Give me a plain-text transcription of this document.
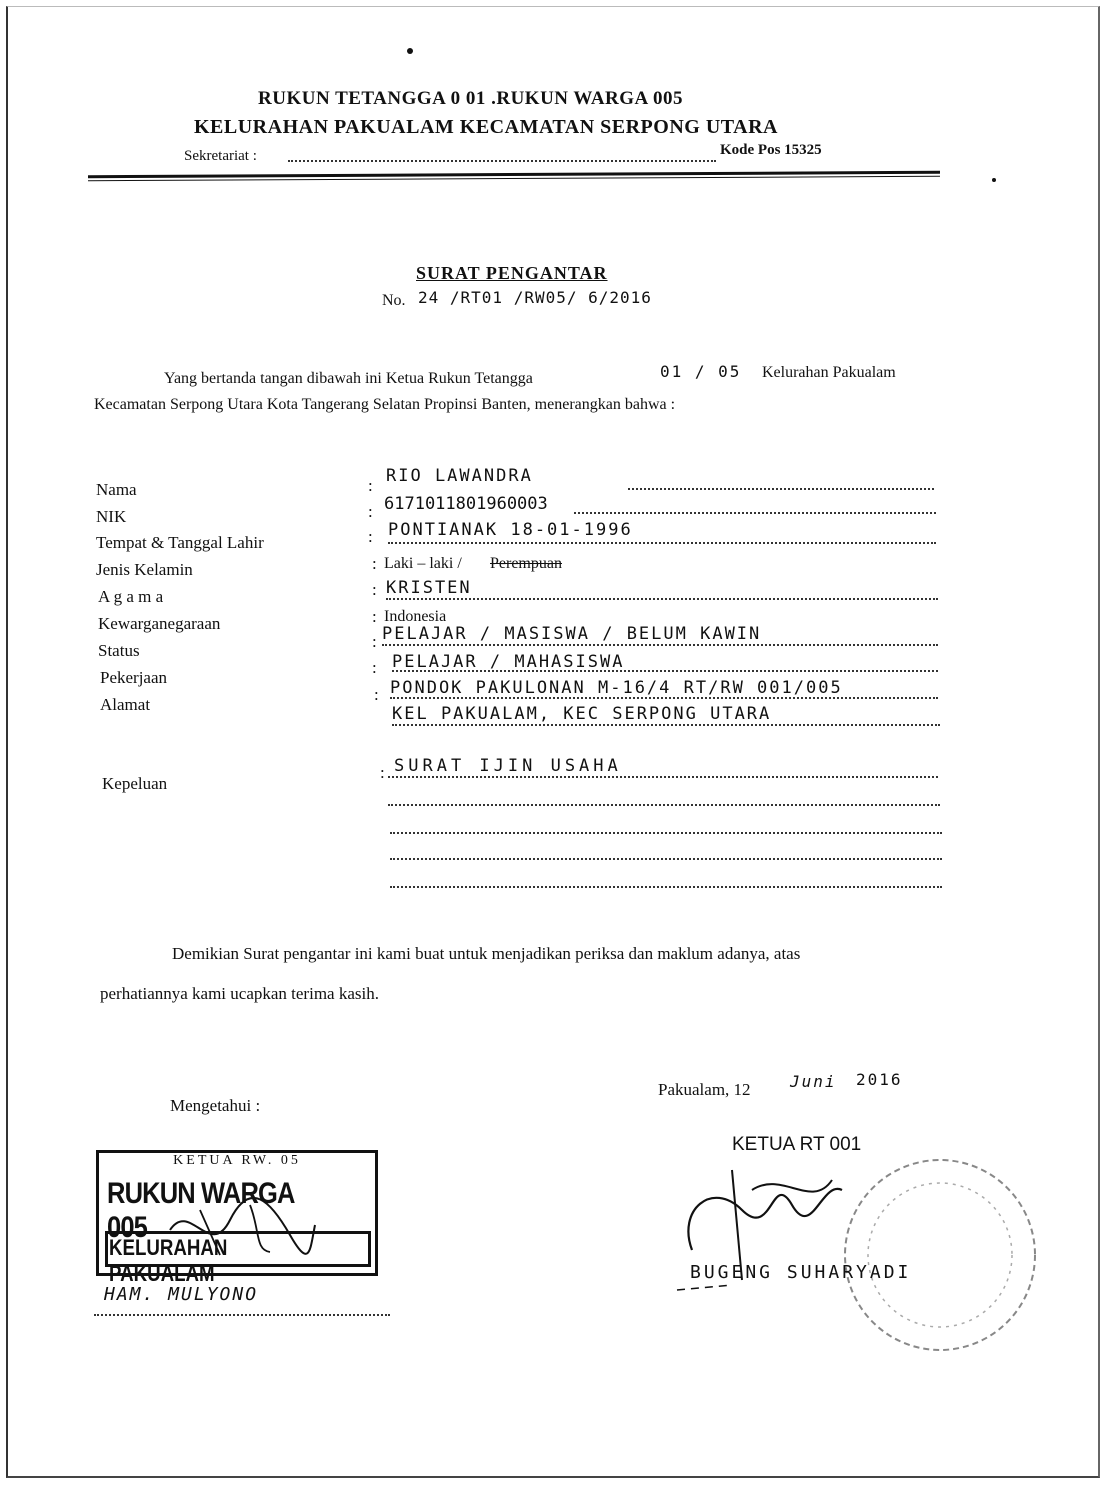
RUKUN TETANGGA 0 01 .RUKUN WARGA 005
KELURAHAN PAKUALAM KECAMATAN SERPONG UTARA
Sekretariat :	Kode Pos 15325
SURAT PENGANTAR
No. 24 /RT01 /RW05/ 6/2016
Yang bertanda tangan dibawah ini Ketua Rukun Tetangga	01 / 05 Kelurahan Pakualam
Kecamatan Serpong Utara Kota Tangerang Selatan Propinsi Banten, menerangkan bahwa :
Nama
NIK
Tempat & Tanggal Lahir
Jenis Kelamin
A g a m a
Kewarganegaraan
Status
Pekerjaan
Alamat
Kepeluan
:
:
:
:
:
:
:
:
:
:
RIO LAWANDRA
6171011801960003
PONTIANAK 18-01-1996
Laki – laki / Perempuan
KRISTEN
Indonesia
PELAJAR / MASISWA / BELUM KAWIN
PELAJAR / MAHASISWA
PONDOK PAKULONAN M-16/4 RT/RW 001/005
KEL PAKUALAM, KEC SERPONG UTARA
SURAT IJIN USAHA
Demikian Surat pengantar ini kami buat untuk menjadikan periksa dan maklum adanya, atas
perhatiannya kami ucapkan terima kasih.
Pakualam, 12 Juni 2016
Mengetahui :
KETUA RT 001
KETUA RW. 05
RUKUN WARGA 005
KELURAHAN PAKUALAM
HAM. MULYONO
BUGENG SUHARYADI
